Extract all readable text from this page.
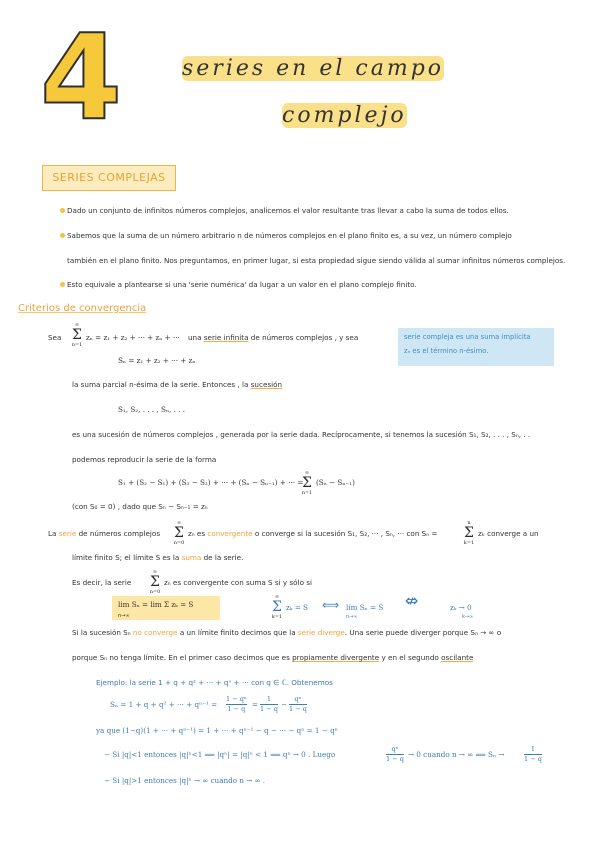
4	series en el campo
complejo
SERIES COMPLEJAS
Dado un conjunto de infinitos números complejos, analicemos el valor resultante tras llevar a cabo la suma de todos ellos.
Sabemos que la suma de un número arbitrario n de números complejos en el plano finito es, a su vez, un número complejo
también en el plano finito. Nos preguntamos, en primer lugar, si esta propiedad sigue siendo válida al sumar infinitos números complejos.
Esto equivale a plantearse si una 'serie numérica' da lugar a un valor en el plano complejo finito.
Criterios de convergencia
Sea
∞
Σ
n=1
zₙ = z₁ + z₂ + ··· + zₙ + ··· una serie infinita de números complejos , y sea	serie compleja es una suma implícita
zₙ es el término n-ésimo.
Sₙ = z₁ + z₂ + ··· + zₙ
la suma parcial n-ésima de la serie. Entonces , la sucesión
S₁, S₂, . . . , Sₙ, . . .
es una sucesión de números complejos , generada por la serie dada. Recíprocamente, si tenemos la sucesión S₁, S₂, . . . , Sₙ, . .
podemos reproducir la serie de la forma
S₁ + (S₂ − S₁) + (S₃ − S₂) + ··· + (Sₙ − Sₙ₋₁) + ··· =
∞
Σ
n=1
(Sₙ − Sₙ₋₁)
(con S₀ = 0) , dado que Sₙ − Sₙ₋₁ = zₙ
La serie de números complejos
∞
Σ
n=0
zₙ es convergente o converge si la sucesión S₁, S₂, ··· , Sₙ, ··· con Sₙ =
n
Σ
k=1
zₖ converge a un
límite finito S; el límite S es la suma de la serie.
Es decir, la serie
∞
Σ
n=0
zₙ es convergente con suma S si y sólo si
lim Sₙ = lim Σ zₖ = S
n→∞
∞
Σ
k=1
zₖ = S ⟺ lim Sₙ = S
n→∞
⇎	zₖ → 0
k→∞
Si la sucesión Sₙ no converge a un límite finito decimos que la serie diverge. Una serie puede diverger porque Sₙ → ∞ o
porque Sₙ no tenga límite. En el primer caso decimos que es propiamente divergente y en el segundo oscilante
Ejemplo: la serie 1 + q + q² + ··· + qⁿ + ··· con q ∈ ℂ. Obtenemos
Sₙ = 1 + q + q² + ··· + qⁿ⁻¹ =
1 − qⁿ
1 − q =
1
1 − q −
qⁿ
1 − q
ya que (1−q)(1 + ··· + qⁿ⁻¹) = 1 + ··· + qⁿ⁻¹ − q − ··· − qⁿ = 1 − qⁿ
− Si |q|<1 entonces |q|ⁿ<1 ⟹ |qⁿ| = |q|ⁿ < 1 ⟹ qⁿ → 0 . Luego
qⁿ
1 − q → 0 cuando n → ∞ ⟹ Sₙ →
1
1 − q
− Si |q|>1 entonces |q|ⁿ → ∞ cuando n → ∞ .
